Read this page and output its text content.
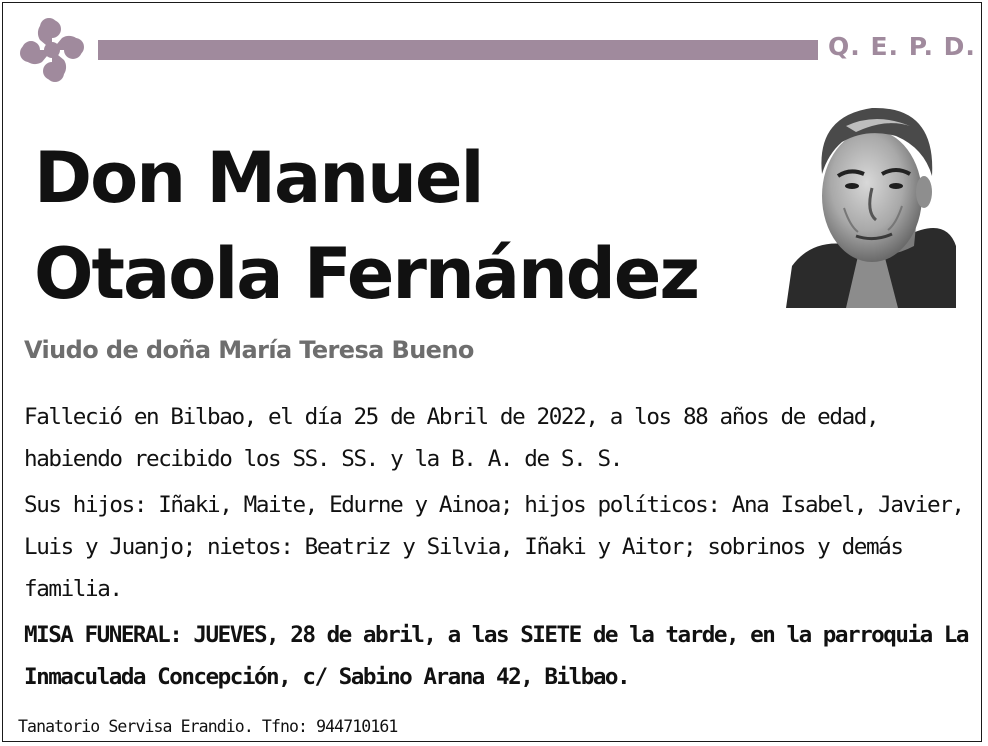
Q. E. P. D.
Don Manuel
Otaola Fernández
Viudo de doña María Teresa Bueno

Falleció en Bilbao, el día 25 de Abril de 2022, a los 88 años de edad, habiendo recibido los SS. SS. y la B. A. de S. S.

Sus hijos: Iñaki, Maite, Edurne y Ainoa; hijos políticos: Ana Isabel, Javier, Luis y Juanjo; nietos: Beatriz y Silvia, Iñaki y Aitor; sobrinos y demás familia.

MISA FUNERAL: JUEVES, 28 de abril, a las SIETE de la tarde, en la parroquia La Inmaculada Concepción, c/ Sabino Arana 42, Bilbao.

Tanatorio Servisa Erandio. Tfno: 944710161
